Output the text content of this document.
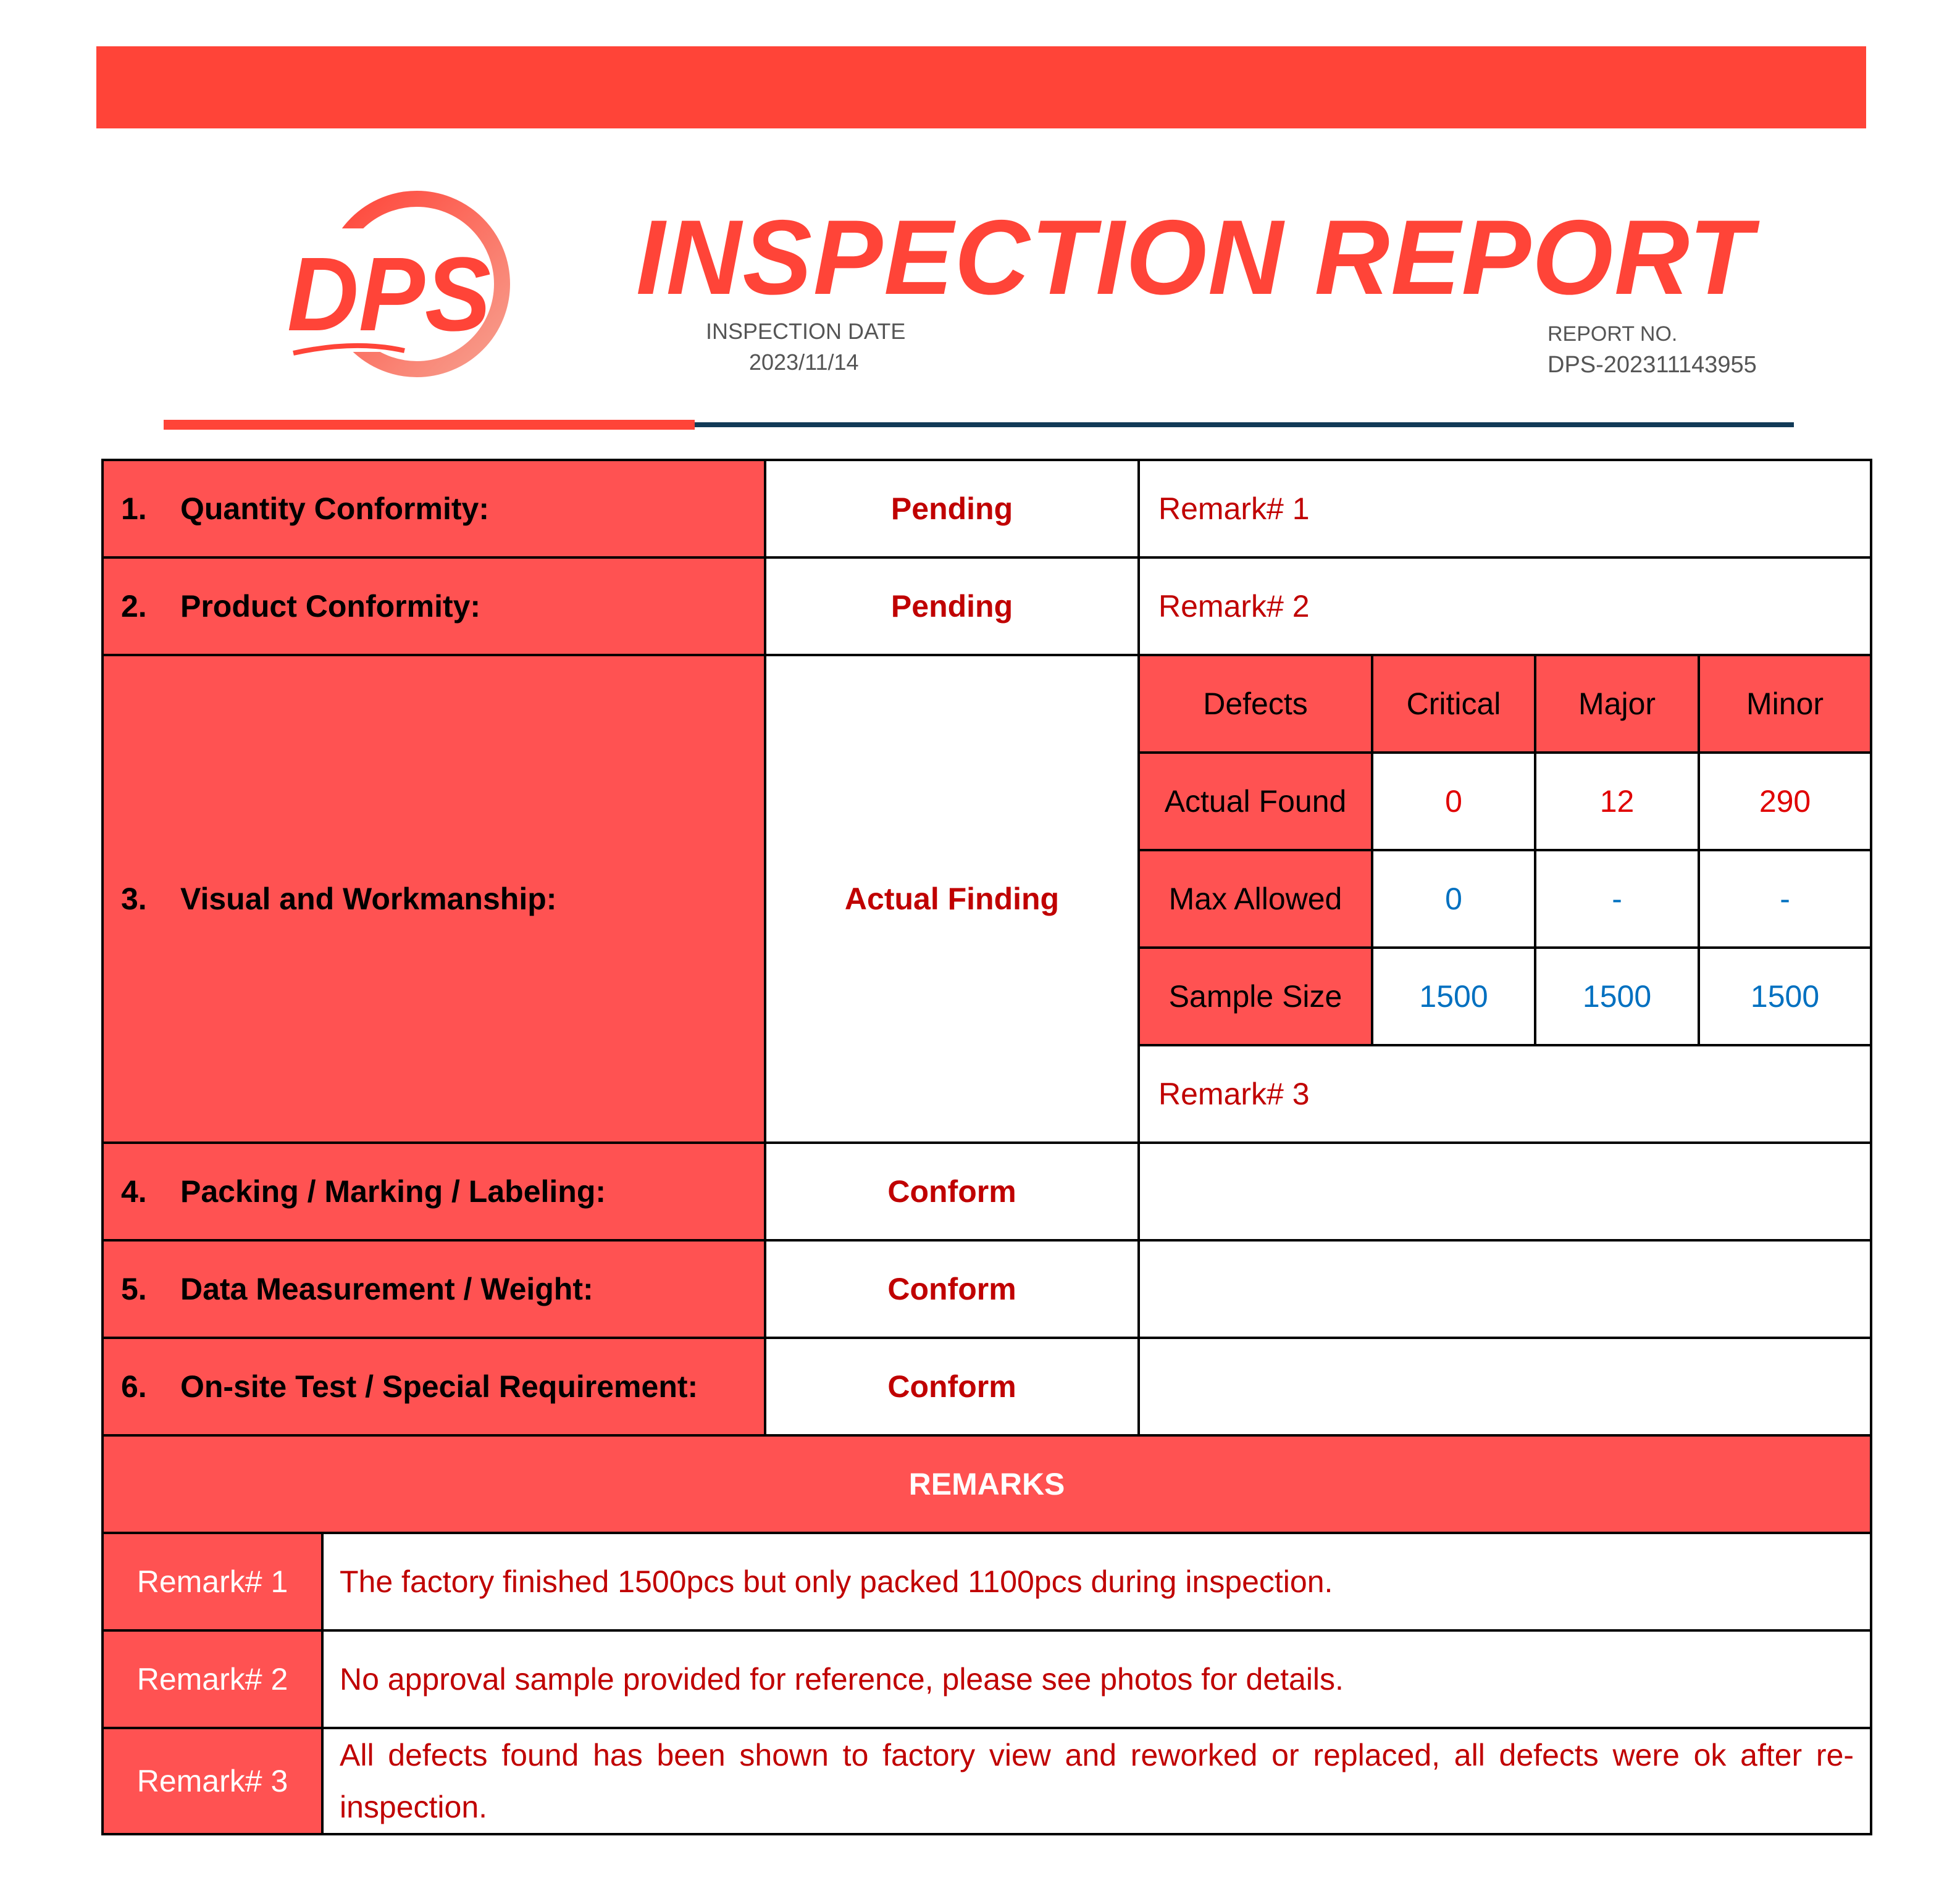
DPS INSPECTION REPORT
INSPECTION DATE
2023/11/14
REPORT NO.
DPS-202311143955
1. Quantity Conformity:		Pending	Remark# 1			
2. Product Conformity:		Pending	Remark# 2			
3. Visual and Workmanship:		Actual Finding	Defects	Critical	Major	Minor
			Actual Found	0	12	290
			Max Allowed	0	-	-
			Sample Size	1500	1500	1500
			Remark# 3			
4. Packing / Marking / Labeling:		Conform				
5. Data Measurement / Weight:		Conform				
6. On-site Test / Special Requirement:		Conform				
REMARKS						
Remark# 1	The factory finished 1500pcs but only packed 1100pcs during inspection.					
Remark# 2	No approval sample provided for reference, please see photos for details.					
Remark# 3	All defects found has been shown to factory view and reworked or replaced, all defects were ok after re-inspection.					
